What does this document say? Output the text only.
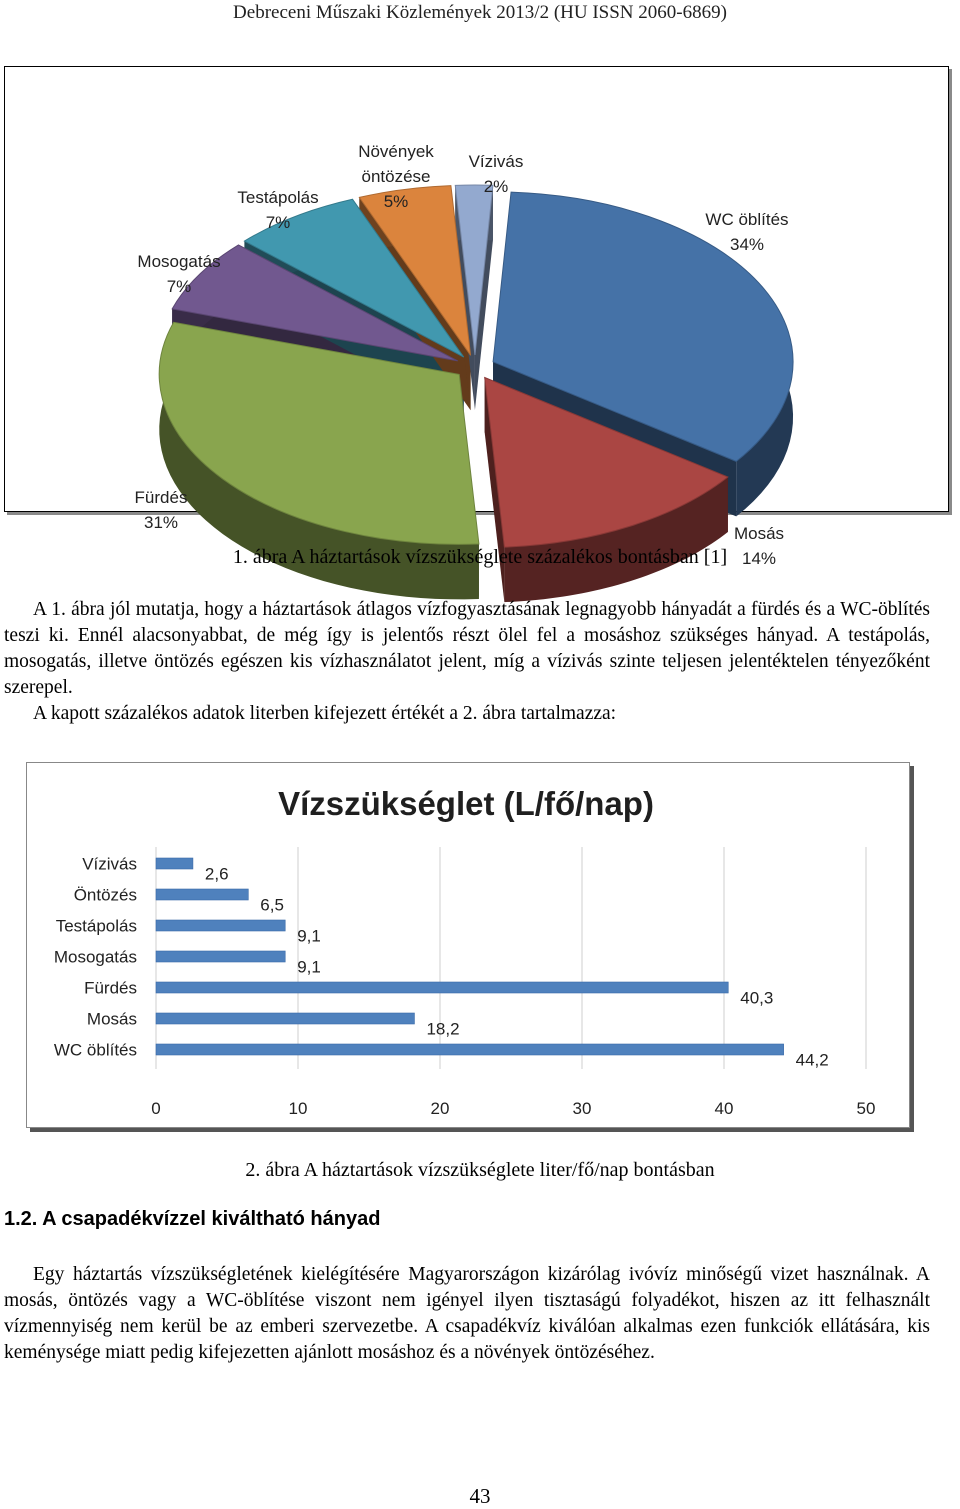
Debreceni Műszaki Közlemények 2013/2 (HU ISSN 2060-6869)
WC öblítés 34%
Mosás 14%
Fürdés 31%
Mosogatás 7%
Testápolás 7%
Növények öntözése 5%
Vízivás 2%
1. ábra A háztartások vízszükséglete százalékos bontásban [1]

A 1. ábra jól mutatja, hogy a háztartások átlagos vízfogyasztásának legnagyobb hányadát a fürdés és a WC-öblítés teszi ki. Ennél alacsonyabbat, de még így is jelentős részt ölel fel a mosáshoz szükséges hányad. A testápolás, mosogatás, illetve öntözés egészen kis vízhasználatot jelent, míg a vízivás szinte teljesen jelentéktelen tényezőként szerepel.

A kapott százalékos adatok literben kifejezett értékét a 2. ábra tartalmazza:

Vízszükséglet (L/fő/nap)
0	10	20	30	40	50
Vízivás
2,6
Öntözés
6,5
Testápolás
9,1
Mosogatás
9,1
Fürdés
40,3
Mosás
18,2
WC öblítés
44,2
2. ábra A háztartások vízszükséglete liter/fő/nap bontásban
1.2. A csapadékvízzel kiváltható hányad

Egy háztartás vízszükségletének kielégítésére Magyarországon kizárólag ivóvíz minőségű vizet használnak. A mosás, öntözés vagy a WC-öblítése viszont nem igényel ilyen tisztaságú folyadékot, hiszen az itt felhasznált vízmennyiség nem kerül be az emberi szervezetbe. A csapadékvíz kiválóan alkalmas ezen funkciók ellátására, kis keménysége miatt pedig kifejezetten ajánlott mosáshoz és a növények öntözéséhez.

43
